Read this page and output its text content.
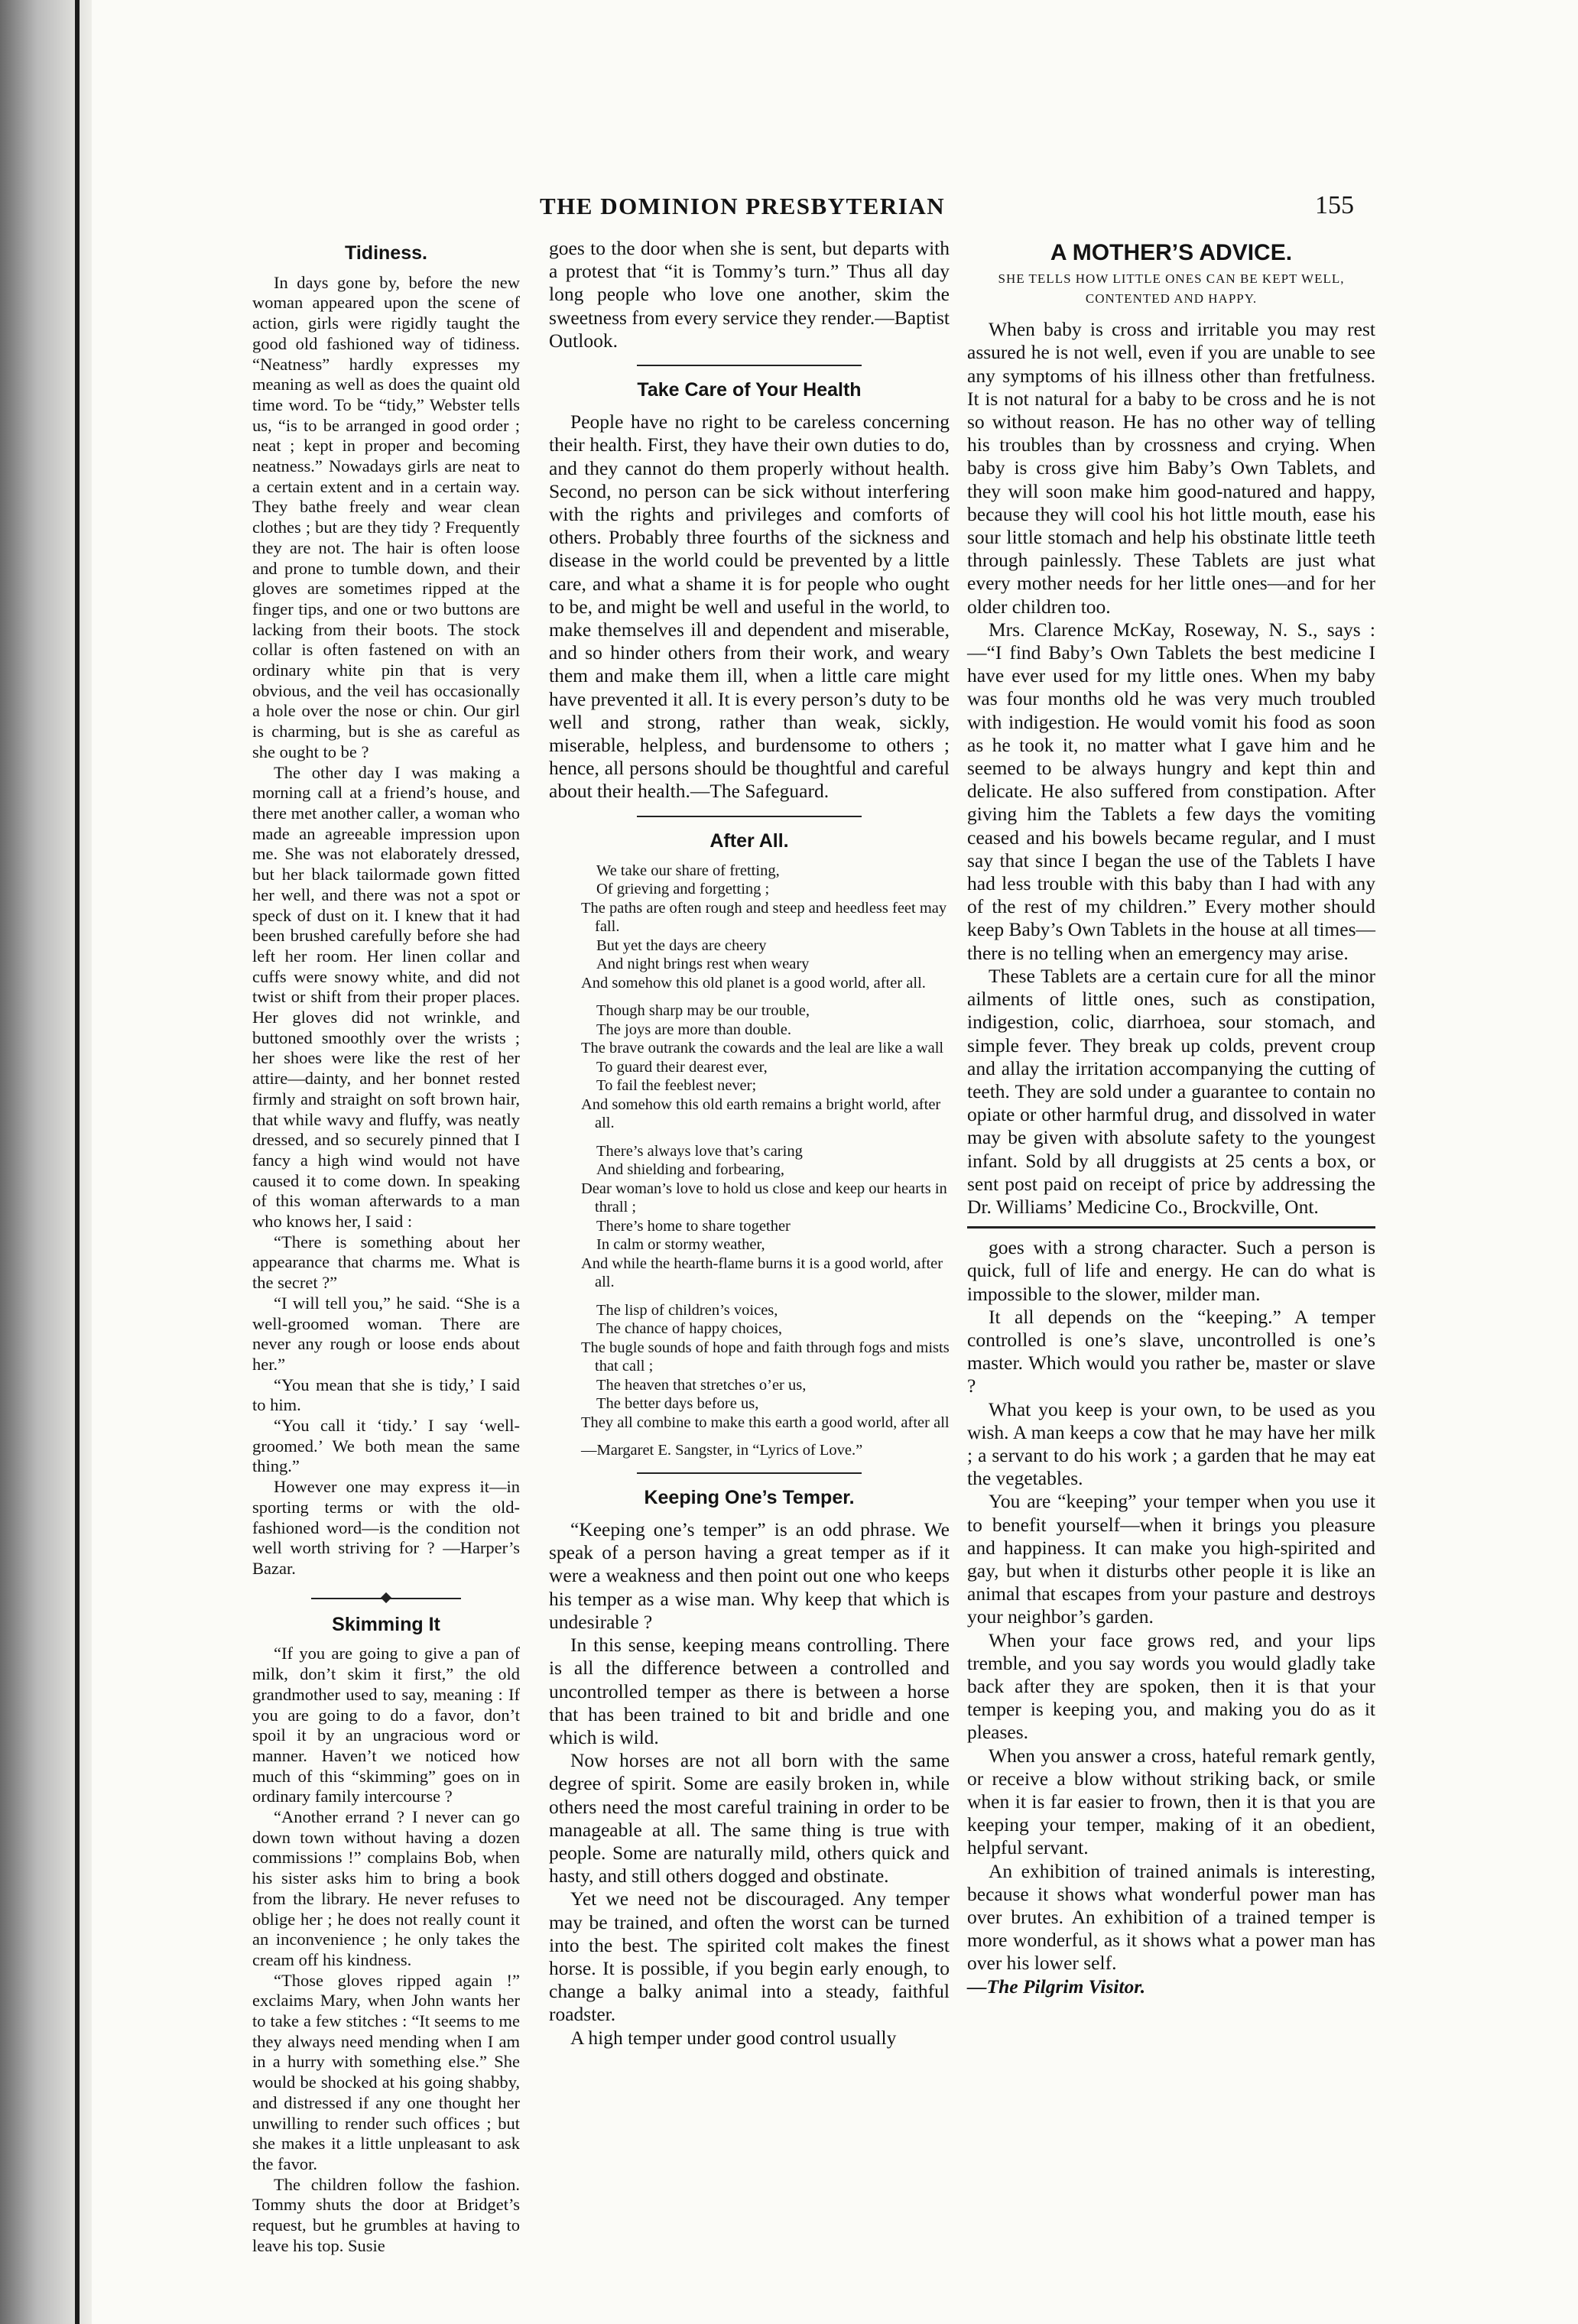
THE DOMINION PRESBYTERIAN	155
Tidiness.

In days gone by, before the new woman appeared upon the scene of action, girls were rigidly taught the good old fashioned way of tidiness. “Neatness” hardly expresses my meaning as well as does the quaint old time word. To be “tidy,” Webster tells us, “is to be arranged in good order ; neat ; kept in proper and becoming neatness.” Nowadays girls are neat to a certain extent and in a certain way. They bathe freely and wear clean clothes ; but are they tidy ? Frequently they are not. The hair is often loose and prone to tumble down, and their gloves are sometimes ripped at the finger tips, and one or two buttons are lacking from their boots. The stock collar is often fastened on with an ordinary white pin that is very obvious, and the veil has occasionally a hole over the nose or chin. Our girl is charming, but is she as careful as she ought to be ?

The other day I was making a morning call at a friend’s house, and there met another caller, a woman who made an agreeable impression upon me. She was not elaborately dressed, but her black tailormade gown fitted her well, and there was not a spot or speck of dust on it. I knew that it had been brushed carefully before she had left her room. Her linen collar and cuffs were snowy white, and did not twist or shift from their proper places. Her gloves did not wrinkle, and buttoned smoothly over the wrists ; her shoes were like the rest of her attire—dainty, and her bonnet rested firmly and straight on soft brown hair, that while wavy and fluffy, was neatly dressed, and so securely pinned that I fancy a high wind would not have caused it to come down. In speaking of this woman afterwards to a man who knows her, I said :

“There is something about her appearance that charms me. What is the secret ?”

“I will tell you,” he said. “She is a well-groomed woman. There are never any rough or loose ends about her.”

“You mean that she is tidy,’ I said to him.

“You call it ‘tidy.’ I say ‘well-groomed.’ We both mean the same thing.”

However one may express it—in sporting terms or with the old-fashioned word—is the condition not well worth striving for ? —Harper’s Bazar.

Skimming It

“If you are going to give a pan of milk, don’t skim it first,” the old grandmother used to say, meaning : If you are going to do a favor, don’t spoil it by an ungracious word or manner. Haven’t we noticed how much of this “skimming” goes on in ordinary family intercourse ?

“Another errand ? I never can go down town without having a dozen commissions !” complains Bob, when his sister asks him to bring a book from the library. He never refuses to oblige her ; he does not really count it an inconvenience ; he only takes the cream off his kindness.

“Those gloves ripped again !” exclaims Mary, when John wants her to take a few stitches : “It seems to me they always need mending when I am in a hurry with something else.” She would be shocked at his going shabby, and distressed if any one thought her unwilling to render such offices ; but she makes it a little unpleasant to ask the favor.

The children follow the fashion. Tommy shuts the door at Bridget’s request, but he grumbles at having to leave his top. Susie

goes to the door when she is sent, but departs with a protest that “it is Tommy’s turn.” Thus all day long people who love one another, skim the sweetness from every service they render.—Baptist Outlook.

Take Care of Your Health

People have no right to be careless concerning their health. First, they have their own duties to do, and they cannot do them properly without health. Second, no person can be sick without interfering with the rights and privileges and comforts of others. Probably three fourths of the sickness and disease in the world could be prevented by a little care, and what a shame it is for people who ought to be, and might be well and useful in the world, to make themselves ill and dependent and miserable, and so hinder others from their work, and weary them and make them ill, when a little care might have prevented it all. It is every person’s duty to be well and strong, rather than weak, sickly, miserable, helpless, and burdensome to others ; hence, all persons should be thoughtful and careful about their health.—The Safeguard.

After All.
We take our share of fretting,
Of grieving and forgetting ;
The paths are often rough and steep and heedless feet may fall.
But yet the days are cheery
And night brings rest when weary
And somehow this old planet is a good world, after all.
Though sharp may be our trouble,
The joys are more than double.
The brave outrank the cowards and the leal are like a wall
To guard their dearest ever,
To fail the feeblest never;
And somehow this old earth remains a bright world, after all.
There’s always love that’s caring
And shielding and forbearing,
Dear woman’s love to hold us close and keep our hearts in thrall ;
There’s home to share together
In calm or stormy weather,
And while the hearth-flame burns it is a good world, after all.
The lisp of children’s voices,
The chance of happy choices,
The bugle sounds of hope and faith through fogs and mists that call ;
The heaven that stretches o’er us,
The better days before us,
They all combine to make this earth a good world, after all
—Margaret E. Sangster, in “Lyrics of Love.”
Keeping One’s Temper.

“Keeping one’s temper” is an odd phrase. We speak of a person having a great temper as if it were a weakness and then point out one who keeps his temper as a wise man. Why keep that which is undesirable ?

In this sense, keeping means controlling. There is all the difference between a controlled and uncontrolled temper as there is between a horse that has been trained to bit and bridle and one which is wild.

Now horses are not all born with the same degree of spirit. Some are easily broken in, while others need the most careful training in order to be manageable at all. The same thing is true with people. Some are naturally mild, others quick and hasty, and still others dogged and obstinate.

Yet we need not be discouraged. Any temper may be trained, and often the worst can be turned into the best. The spirited colt makes the finest horse. It is possible, if you begin early enough, to change a balky animal into a steady, faithful roadster.

A high temper under good control usually

A MOTHER’S ADVICE.
SHE TELLS HOW LITTLE ONES CAN BE KEPT WELL, CONTENTED AND HAPPY.

When baby is cross and irritable you may rest assured he is not well, even if you are unable to see any symptoms of his illness other than fretfulness. It is not natural for a baby to be cross and he is not so without reason. He has no other way of telling his troubles than by crossness and crying. When baby is cross give him Baby’s Own Tablets, and they will soon make him good-natured and happy, because they will cool his hot little mouth, ease his sour little stomach and help his obstinate little teeth through painlessly. These Tablets are just what every mother needs for her little ones—and for her older children too.

Mrs. Clarence McKay, Roseway, N. S., says :—“I find Baby’s Own Tablets the best medicine I have ever used for my little ones. When my baby was four months old he was very much troubled with indigestion. He would vomit his food as soon as he took it, no matter what I gave him and he seemed to be always hungry and kept thin and delicate. He also suffered from constipation. After giving him the Tablets a few days the vomiting ceased and his bowels became regular, and I must say that since I began the use of the Tablets I have had less trouble with this baby than I had with any of the rest of my children.” Every mother should keep Baby’s Own Tablets in the house at all times—there is no telling when an emergency may arise.

These Tablets are a certain cure for all the minor ailments of little ones, such as constipation, indigestion, colic, diarrhoea, sour stomach, and simple fever. They break up colds, prevent croup and allay the irritation accompanying the cutting of teeth. They are sold under a guarantee to contain no opiate or other harmful drug, and dissolved in water may be given with absolute safety to the youngest infant. Sold by all druggists at 25 cents a box, or sent post paid on receipt of price by addressing the Dr. Williams’ Medicine Co., Brockville, Ont.

goes with a strong character. Such a person is quick, full of life and energy. He can do what is impossible to the slower, milder man.

It all depends on the “keeping.” A temper controlled is one’s slave, uncontrolled is one’s master. Which would you rather be, master or slave ?

What you keep is your own, to be used as you wish. A man keeps a cow that he may have her milk ; a servant to do his work ; a garden that he may eat the vegetables.

You are “keeping” your temper when you use it to benefit yourself—when it brings you pleasure and happiness. It can make you high-spirited and gay, but when it disturbs other people it is like an animal that escapes from your pasture and destroys your neighbor’s garden.

When your face grows red, and your lips tremble, and you say words you would gladly take back after they are spoken, then it is that your temper is keeping you, and making you do as it pleases.

When you answer a cross, hateful remark gently, or receive a blow without striking back, or smile when it is far easier to frown, then it is that you are keeping your temper, making of it an obedient, helpful servant.

An exhibition of trained animals is interesting, because it shows what wonderful power man has over brutes. An exhibition of a trained temper is more wonderful, as it shows what a power man has over his lower self.

—The Pilgrim Visitor.
